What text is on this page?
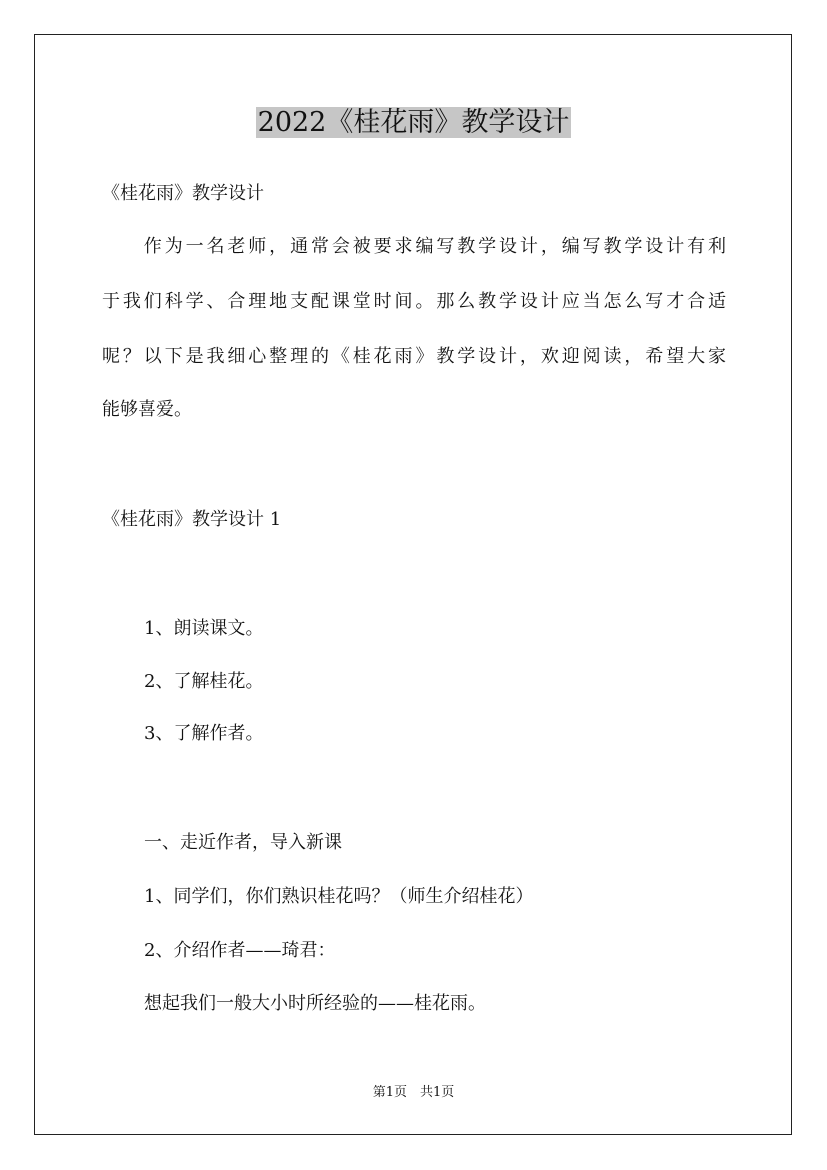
2022《桂花雨》教学设计
《桂花雨》教学设计
　　作为一名老师，通常会被要求编写教学设计，编写教学设计有利
于我们科学、合理地支配课堂时间。那么教学设计应当怎么写才合适
呢？以下是我细心整理的《桂花雨》教学设计，欢迎阅读，希望大家
能够喜爱。
《桂花雨》教学设计 1
1、朗读课文。
2、了解桂花。
3、了解作者。
一、走近作者，导入新课
1、同学们，你们熟识桂花吗？（师生介绍桂花）
2、介绍作者——琦君：
想起我们一般大小时所经验的——桂花雨。
第1页　共1页
